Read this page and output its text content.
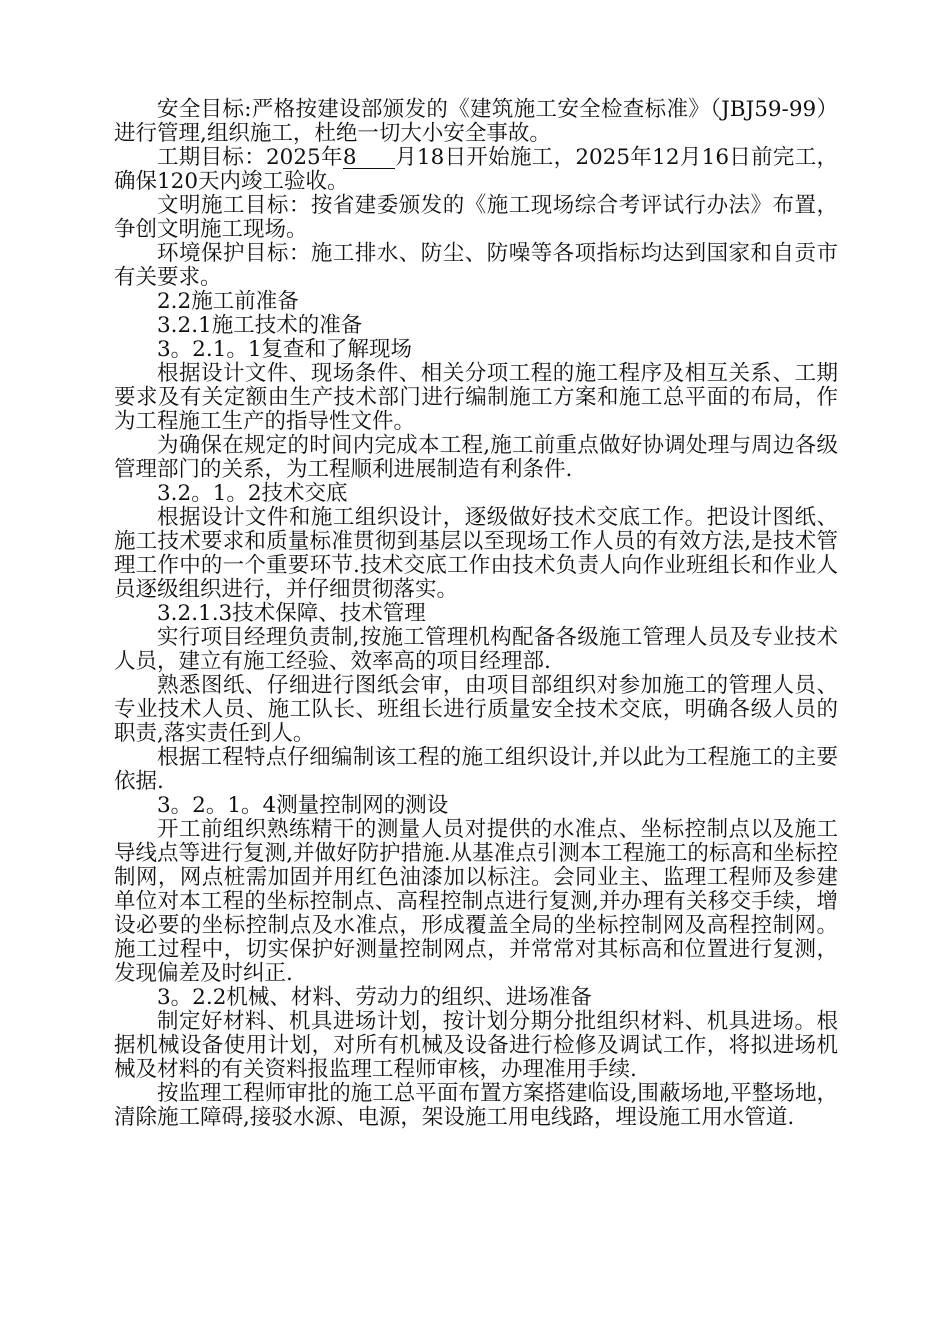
安全目标:严格按建设部颁发的《建筑施工安全检查标准》（JBJ59-99）进行管理,组织施工，杜绝一切大小安全事故。

工期目标：2025年8 月18日开始施工，2025年12月16日前完工，确保120天内竣工验收。

文明施工目标：按省建委颁发的《施工现场综合考评试行办法》布置，争创文明施工现场。

环境保护目标：施工排水、防尘、防噪等各项指标均达到国家和自贡市有关要求。

2.2施工前准备

3.2.1施工技术的准备

3。2.1。1复查和了解现场

根据设计文件、现场条件、相关分项工程的施工程序及相互关系、工期要求及有关定额由生产技术部门进行编制施工方案和施工总平面的布局，作为工程施工生产的指导性文件。

为确保在规定的时间内完成本工程,施工前重点做好协调处理与周边各级管理部门的关系，为工程顺利进展制造有利条件.

3.2。1。2技术交底

根据设计文件和施工组织设计，逐级做好技术交底工作。把设计图纸、施工技术要求和质量标准贯彻到基层以至现场工作人员的有效方法,是技术管理工作中的一个重要环节.技术交底工作由技术负责人向作业班组长和作业人员逐级组织进行，并仔细贯彻落实。

3.2.1.3技术保障、技术管理

实行项目经理负责制,按施工管理机构配备各级施工管理人员及专业技术人员，建立有施工经验、效率高的项目经理部.

熟悉图纸、仔细进行图纸会审，由项目部组织对参加施工的管理人员、专业技术人员、施工队长、班组长进行质量安全技术交底，明确各级人员的职责,落实责任到人。

根据工程特点仔细编制该工程的施工组织设计,并以此为工程施工的主要依据.

3。2。1。4测量控制网的测设

开工前组织熟练精干的测量人员对提供的水准点、坐标控制点以及施工导线点等进行复测,并做好防护措施.从基准点引测本工程施工的标高和坐标控制网，网点桩需加固并用红色油漆加以标注。会同业主、监理工程师及参建单位对本工程的坐标控制点、高程控制点进行复测,并办理有关移交手续，增设必要的坐标控制点及水准点，形成覆盖全局的坐标控制网及高程控制网。施工过程中，切实保护好测量控制网点，并常常对其标高和位置进行复测，发现偏差及时纠正.

3。2.2机械、材料、劳动力的组织、进场准备

制定好材料、机具进场计划，按计划分期分批组织材料、机具进场。根据机械设备使用计划，对所有机械及设备进行检修及调试工作，将拟进场机械及材料的有关资料报监理工程师审核，办理准用手续.

按监理工程师审批的施工总平面布置方案搭建临设,围蔽场地,平整场地，清除施工障碍,接驳水源、电源，架设施工用电线路，埋设施工用水管道.
